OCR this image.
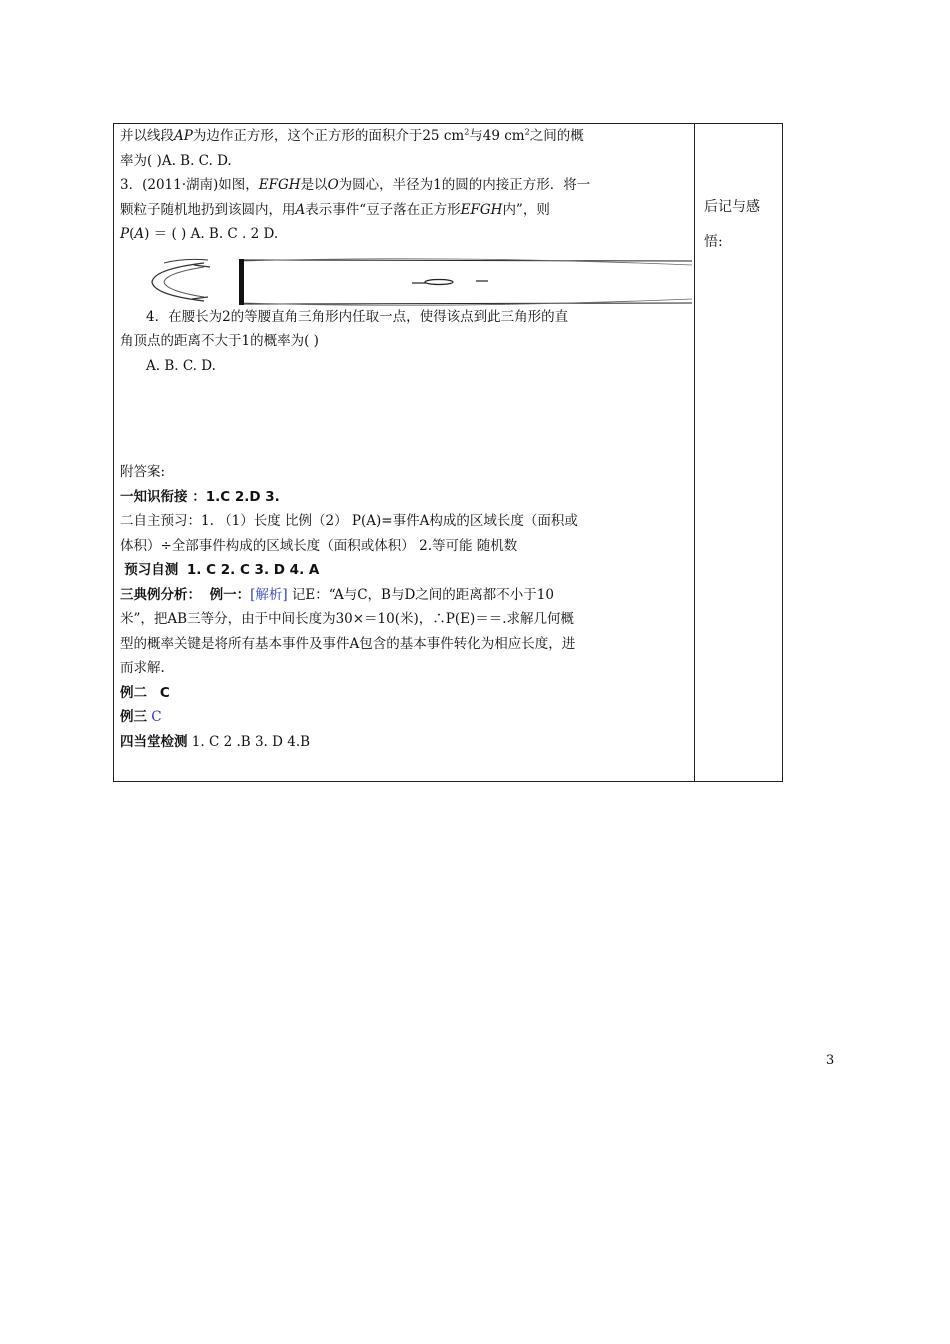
并以线段AP为边作正方形，这个正方形的面积介于25 $cm^2$与49 $cm^2$之间的概
率为( )A. B. C. D.
3．(2011·湖南)如图，EFGH是以O为圆心，半径为1的圆的内接正方形．将一
颗粒子随机地扔到该圆内，用A表示事件“豆子落在正方形EFGH内”，则
P(A) ＝ ( ) A. B. C . 2 D.
4．在腰长为2的等腰直角三角形内任取一点，使得该点到此三角形的直
角顶点的距离不大于1的概率为( )
A. B. C. D.
附答案:
一知识衔接 ：1.C 2.D 3.
二自主预习：1. （1）长度 比例（2） P(A)=事件A构成的区域长度（面积或
体积）÷全部事件构成的区域长度（面积或体积） 2.等可能 随机数
预习自测 1. C 2. C 3. D 4. A
三典例分析： 例一：[解析] 记E：“A与C，B与D之间的距离都不小于10
米”，把AB三等分，由于中间长度为30×＝10(米)，∴P(E)＝＝.求解几何概
型的概率关键是将所有基本事件及事件A包含的基本事件转化为相应长度，进
而求解.
例二 C
例三 C
四当堂检测 1. C 2 .B 3. D 4.B
后记与感
悟:
3
